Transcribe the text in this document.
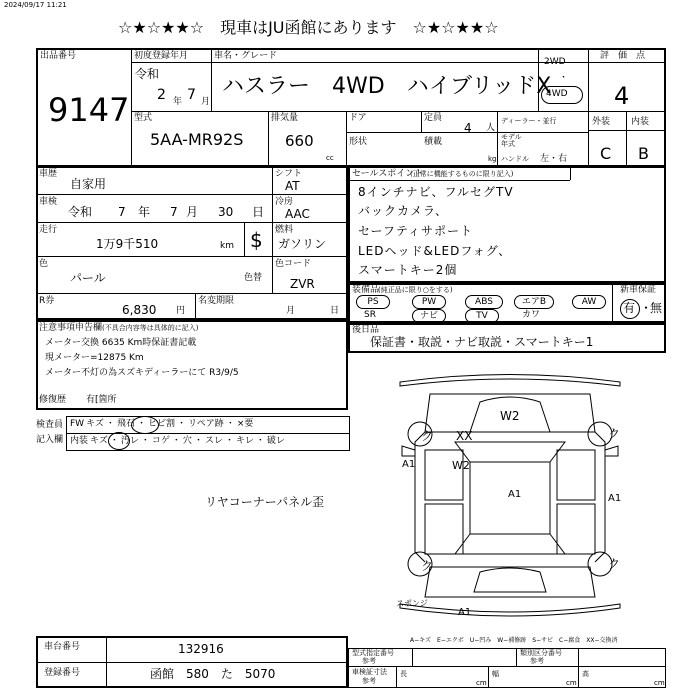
2024/09/17 11:21
☆★☆★★☆　現車はJU函館にあります　☆★☆★★☆
出品番号
9147
初度登録年月
令和
2 年 7 月
車名・グレード
ハスラー　4WD　ハイブリッドX
2WD
・
4WD
評　価　点
4
型式
5AA-MR92S
排気量
660
cc
ドア	定員
4 人
ディーラー・並行
モデル年式
形状	積載
kg ハンドル 左・右
外装 内装
C B
車歴
自家用
シフト
AT
車検
令和 7 年 7 月 30 日
冷房
AAC
走行
1万9千510	km $ 燃料
ガソリン
色
パール	色替
色コード
ZVR
R券
6,830 円
名変期限
月	日
注意事項申告欄 (不具合内容等は具体的に記入)
メーター交換 6635 Km時保証書記載
現メーター=12875 Km
メーター不灯の為スズキディーラーにて R3/9/5
修復歴 有[箇所
検査員
記入欄
FW キズ ・ 飛石 ・ ヒビ割 ・ リペア跡 ・ ×要
内装 キズ ・ 汚レ ・ コゲ ・ 穴 ・ スレ ・ キレ ・ 破レ
リヤコーナーパネル歪
セールスポイント
(正常に機能するものに限り記入)
8インチナビ、フルセグTV
バックカメラ、
セーフティサポート
LEDヘッド&LEDフォグ、
スマートキー2個
装備品
(純正品に限り○をする)	新車保証
有 ・
無
PS	PW	ABS	エアB	AW
SR	ナビ	TV	カワ
後日品
保証書・取説・ナビ取説・スマートキー1
W2
XX
ク
A1	W2
A1	A1
ク
ク
A1
ク
スポンジ
A−キズ　E−エクボ　U−凹み　W−補修跡　S−サビ　C−腐食　XX−交換済
車台番号	132916
登録番号	函館　580　た　5070
型式指定番号
参考
類別区分番号
参考
車検証寸法
参考
長
cm
幅
cm
高
cm
